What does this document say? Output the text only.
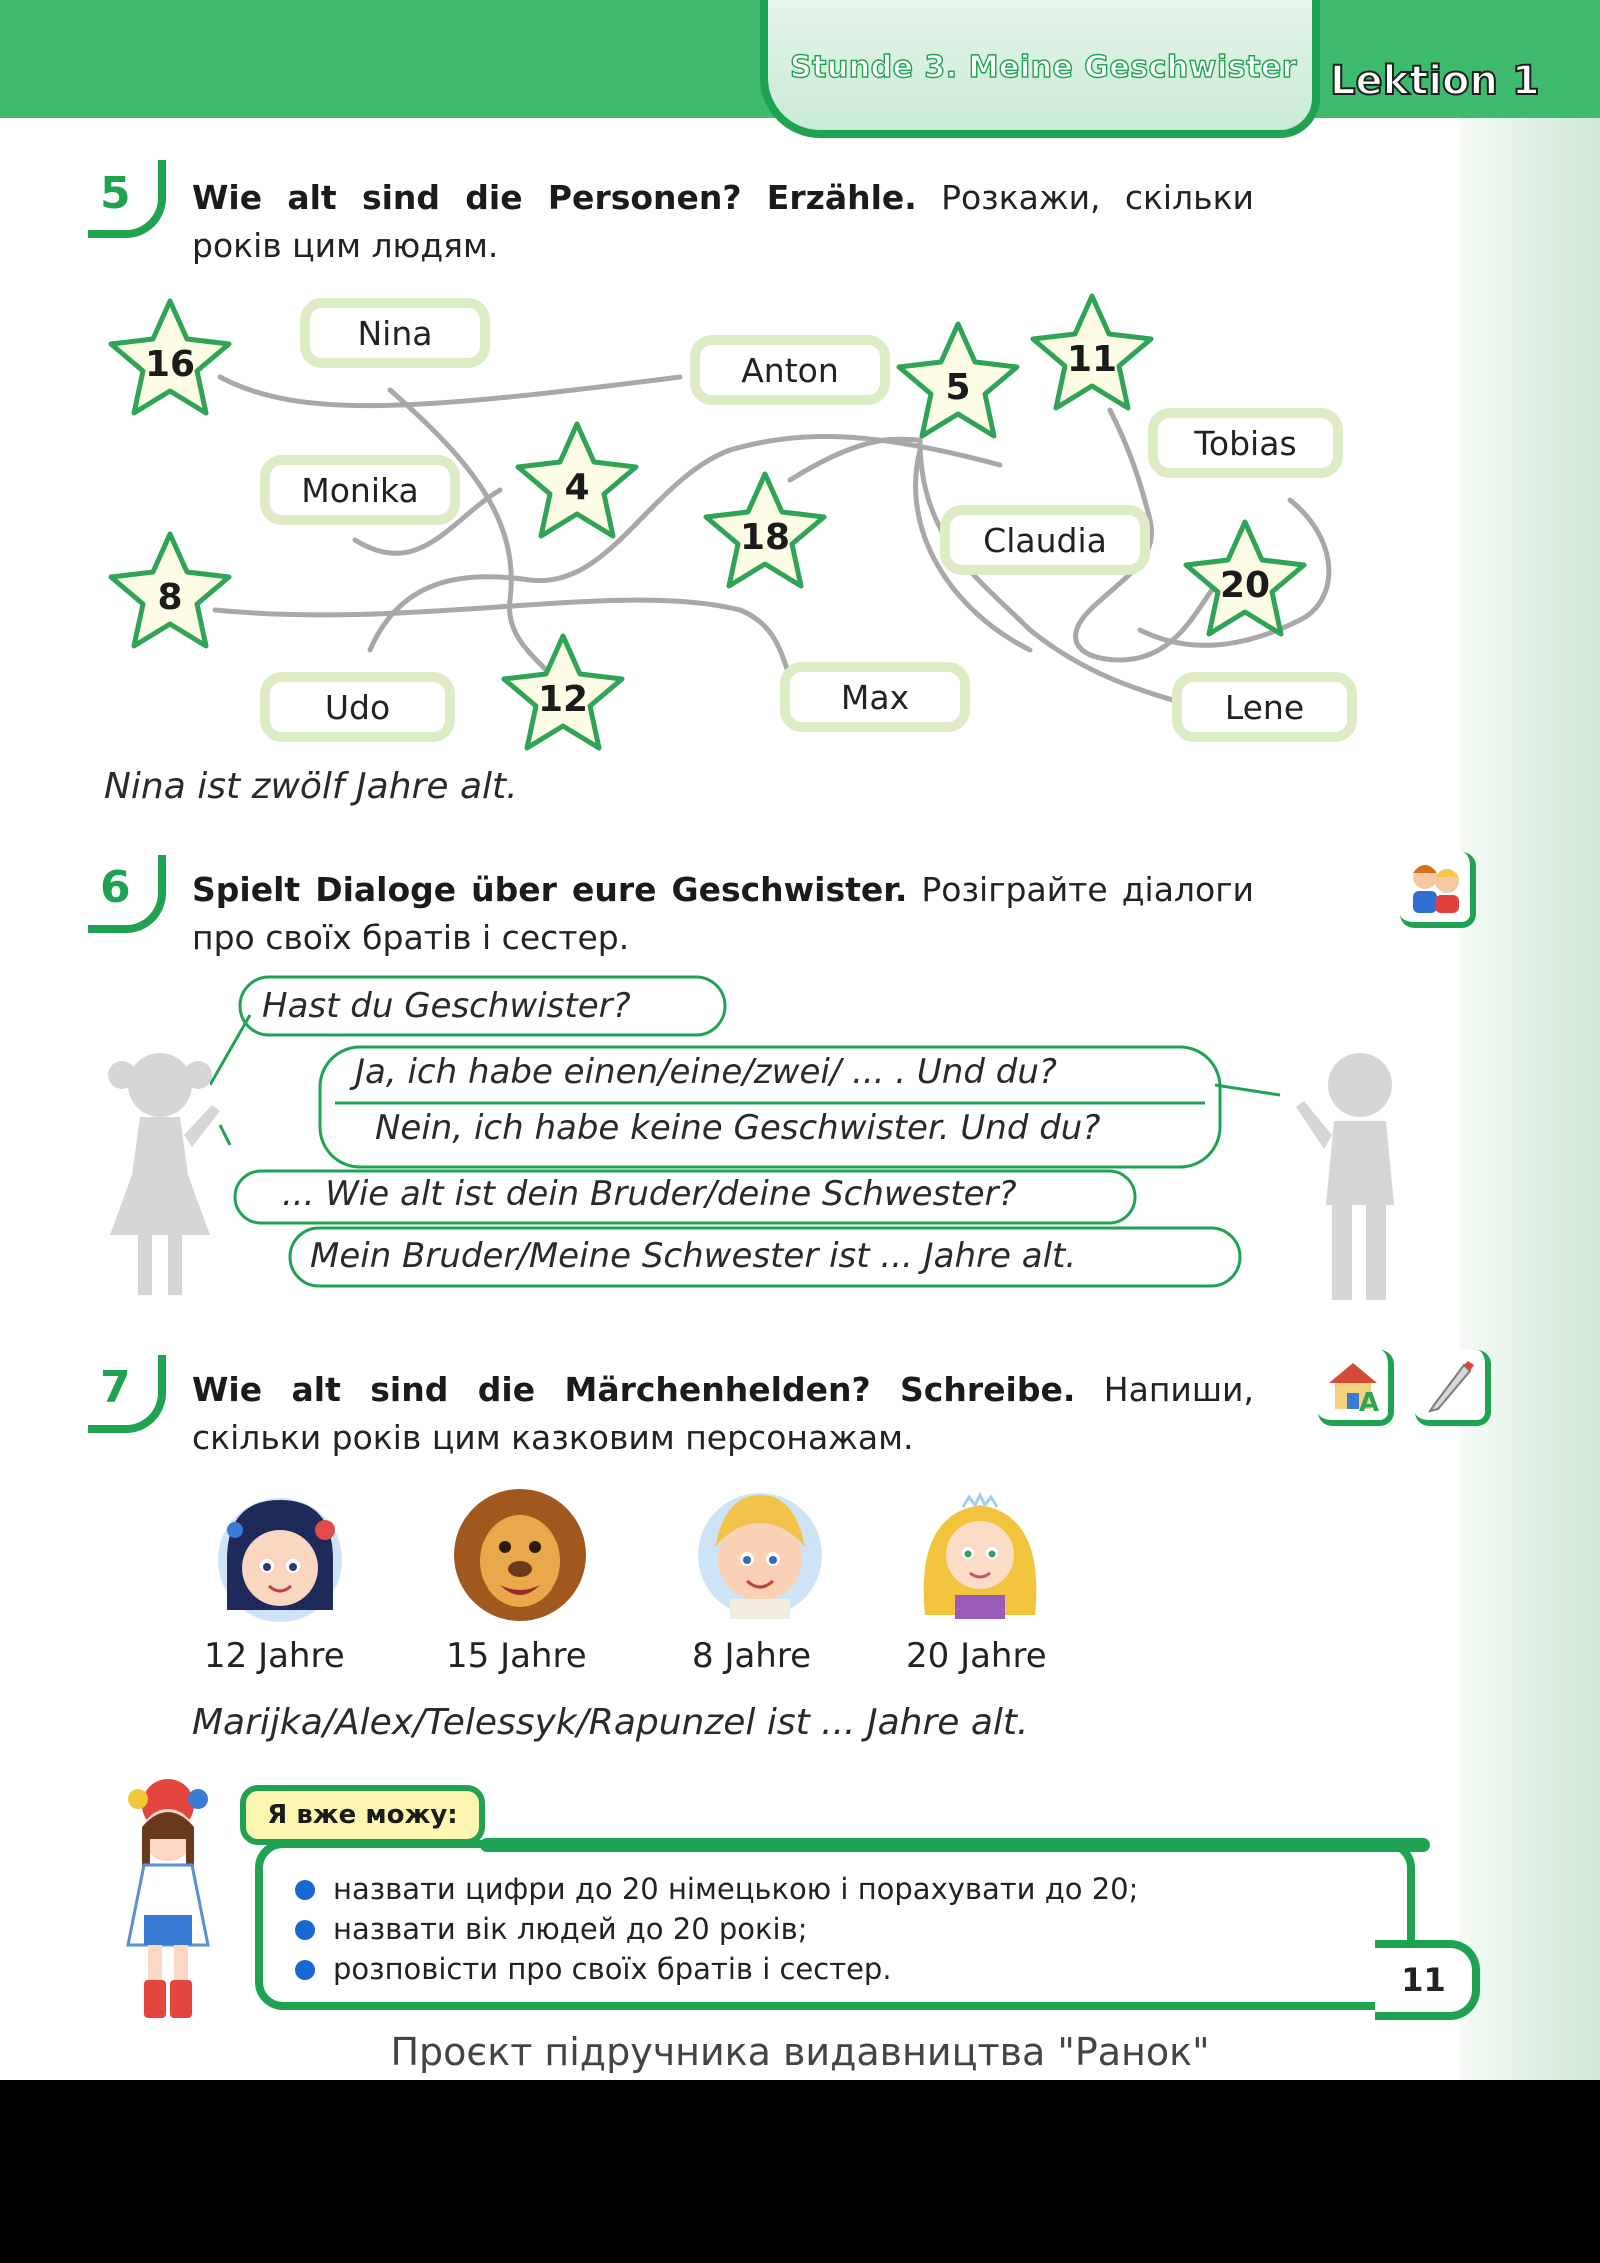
Stunde 3. Meine Geschwister Lektion 1
5 Wie alt sind die Personen? Erzähle. Розкажи, скільки років цим людям.
Nina
Anton
Tobias
Monika
Claudia
Udo	Max	Lene
16
5
11
4
18
8	20
12
Nina ist zwölf Jahre alt.
6 Spielt Dialoge über eure Geschwister. Розіграйте діалоги про своїх братів і сестер.
Hast du Geschwister?
Ja, ich habe einen/eine/zwei/ ... . Und du?
Nein, ich habe keine Geschwister. Und du?
... Wie alt ist dein Bruder/deine Schwester?
Mein Bruder/Meine Schwester ist ... Jahre alt.
7 Wie alt sind die Märchenhelden? Schreibe. Напиши, скільки років цим казковим персонажам.
A
12 Jahre	15 Jahre	8 Jahre	20 Jahre
Marijka/Alex/Telessyk/Rapunzel ist ... Jahre alt.
Я вже можу:
назвати цифри до 20 німецькою і порахувати до 20;
назвати вік людей до 20 років;
розповісти про своїх братів і сестер.	11
Проєкт підручника видавництва "Ранок"
